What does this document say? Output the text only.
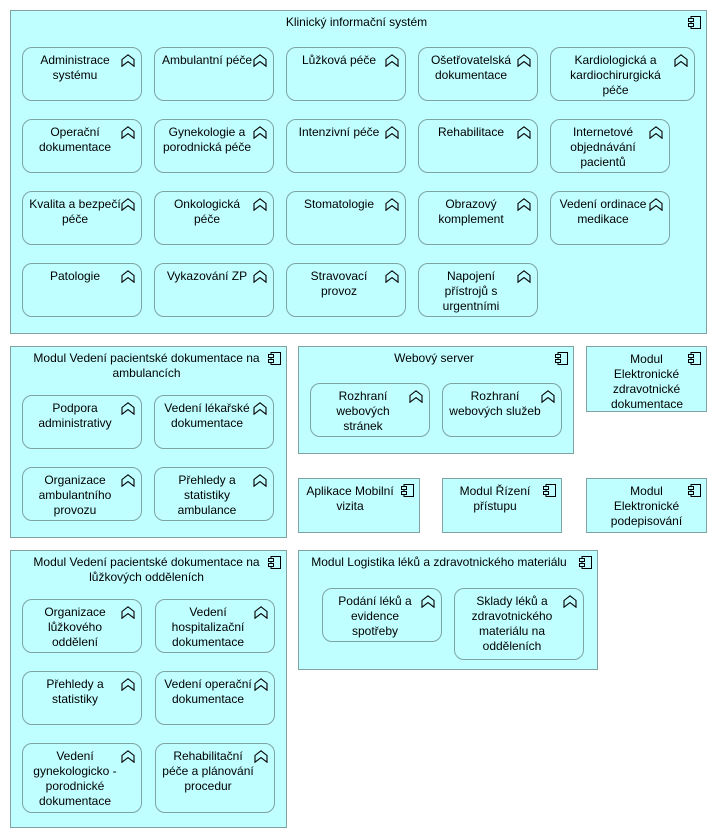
Klinický informační systém
Administrace systému
Ambulantní péče	Lůžková péče	Ošetřovatelská dokumentace
Kardiologická a kardiochirurgická péče
Operační dokumentace
Gynekologie a porodnická péče
Intenzivní péče	Rehabilitace	Internetové objednávání pacientů
Kvalita a bezpečí péče
Onkologická péče
Stomatologie	Obrazový komplement
Vedení ordinace medikace
Patologie	Vykazování ZP	Stravovací provoz
Napojení přístrojů s urgentními
Modul Vedení pacientské dokumentace na ambulancích
Podpora administrativy
Vedení lékařské dokumentace
Organizace ambulantního provozu
Přehledy a statistiky ambulance
Webový server
Rozhraní webových stránek
Rozhraní webových služeb
Modul Elektronické zdravotnické dokumentace
Aplikace Mobilní vizita
Modul Řízení přístupu
Modul Elektronické podepisování
Modul Vedení pacientské dokumentace na lůžkových odděleních
Organizace lůžkového oddělení
Vedení hospitalizační dokumentace
Přehledy a statistiky
Vedení operační dokumentace
Vedení gynekologicko -porodnické dokumentace
Rehabilitační péče a plánování procedur
Modul Logistika léků a zdravotnického materiálu
Podání léků a evidence spotřeby
Sklady léků a zdravotnického materiálu na odděleních
